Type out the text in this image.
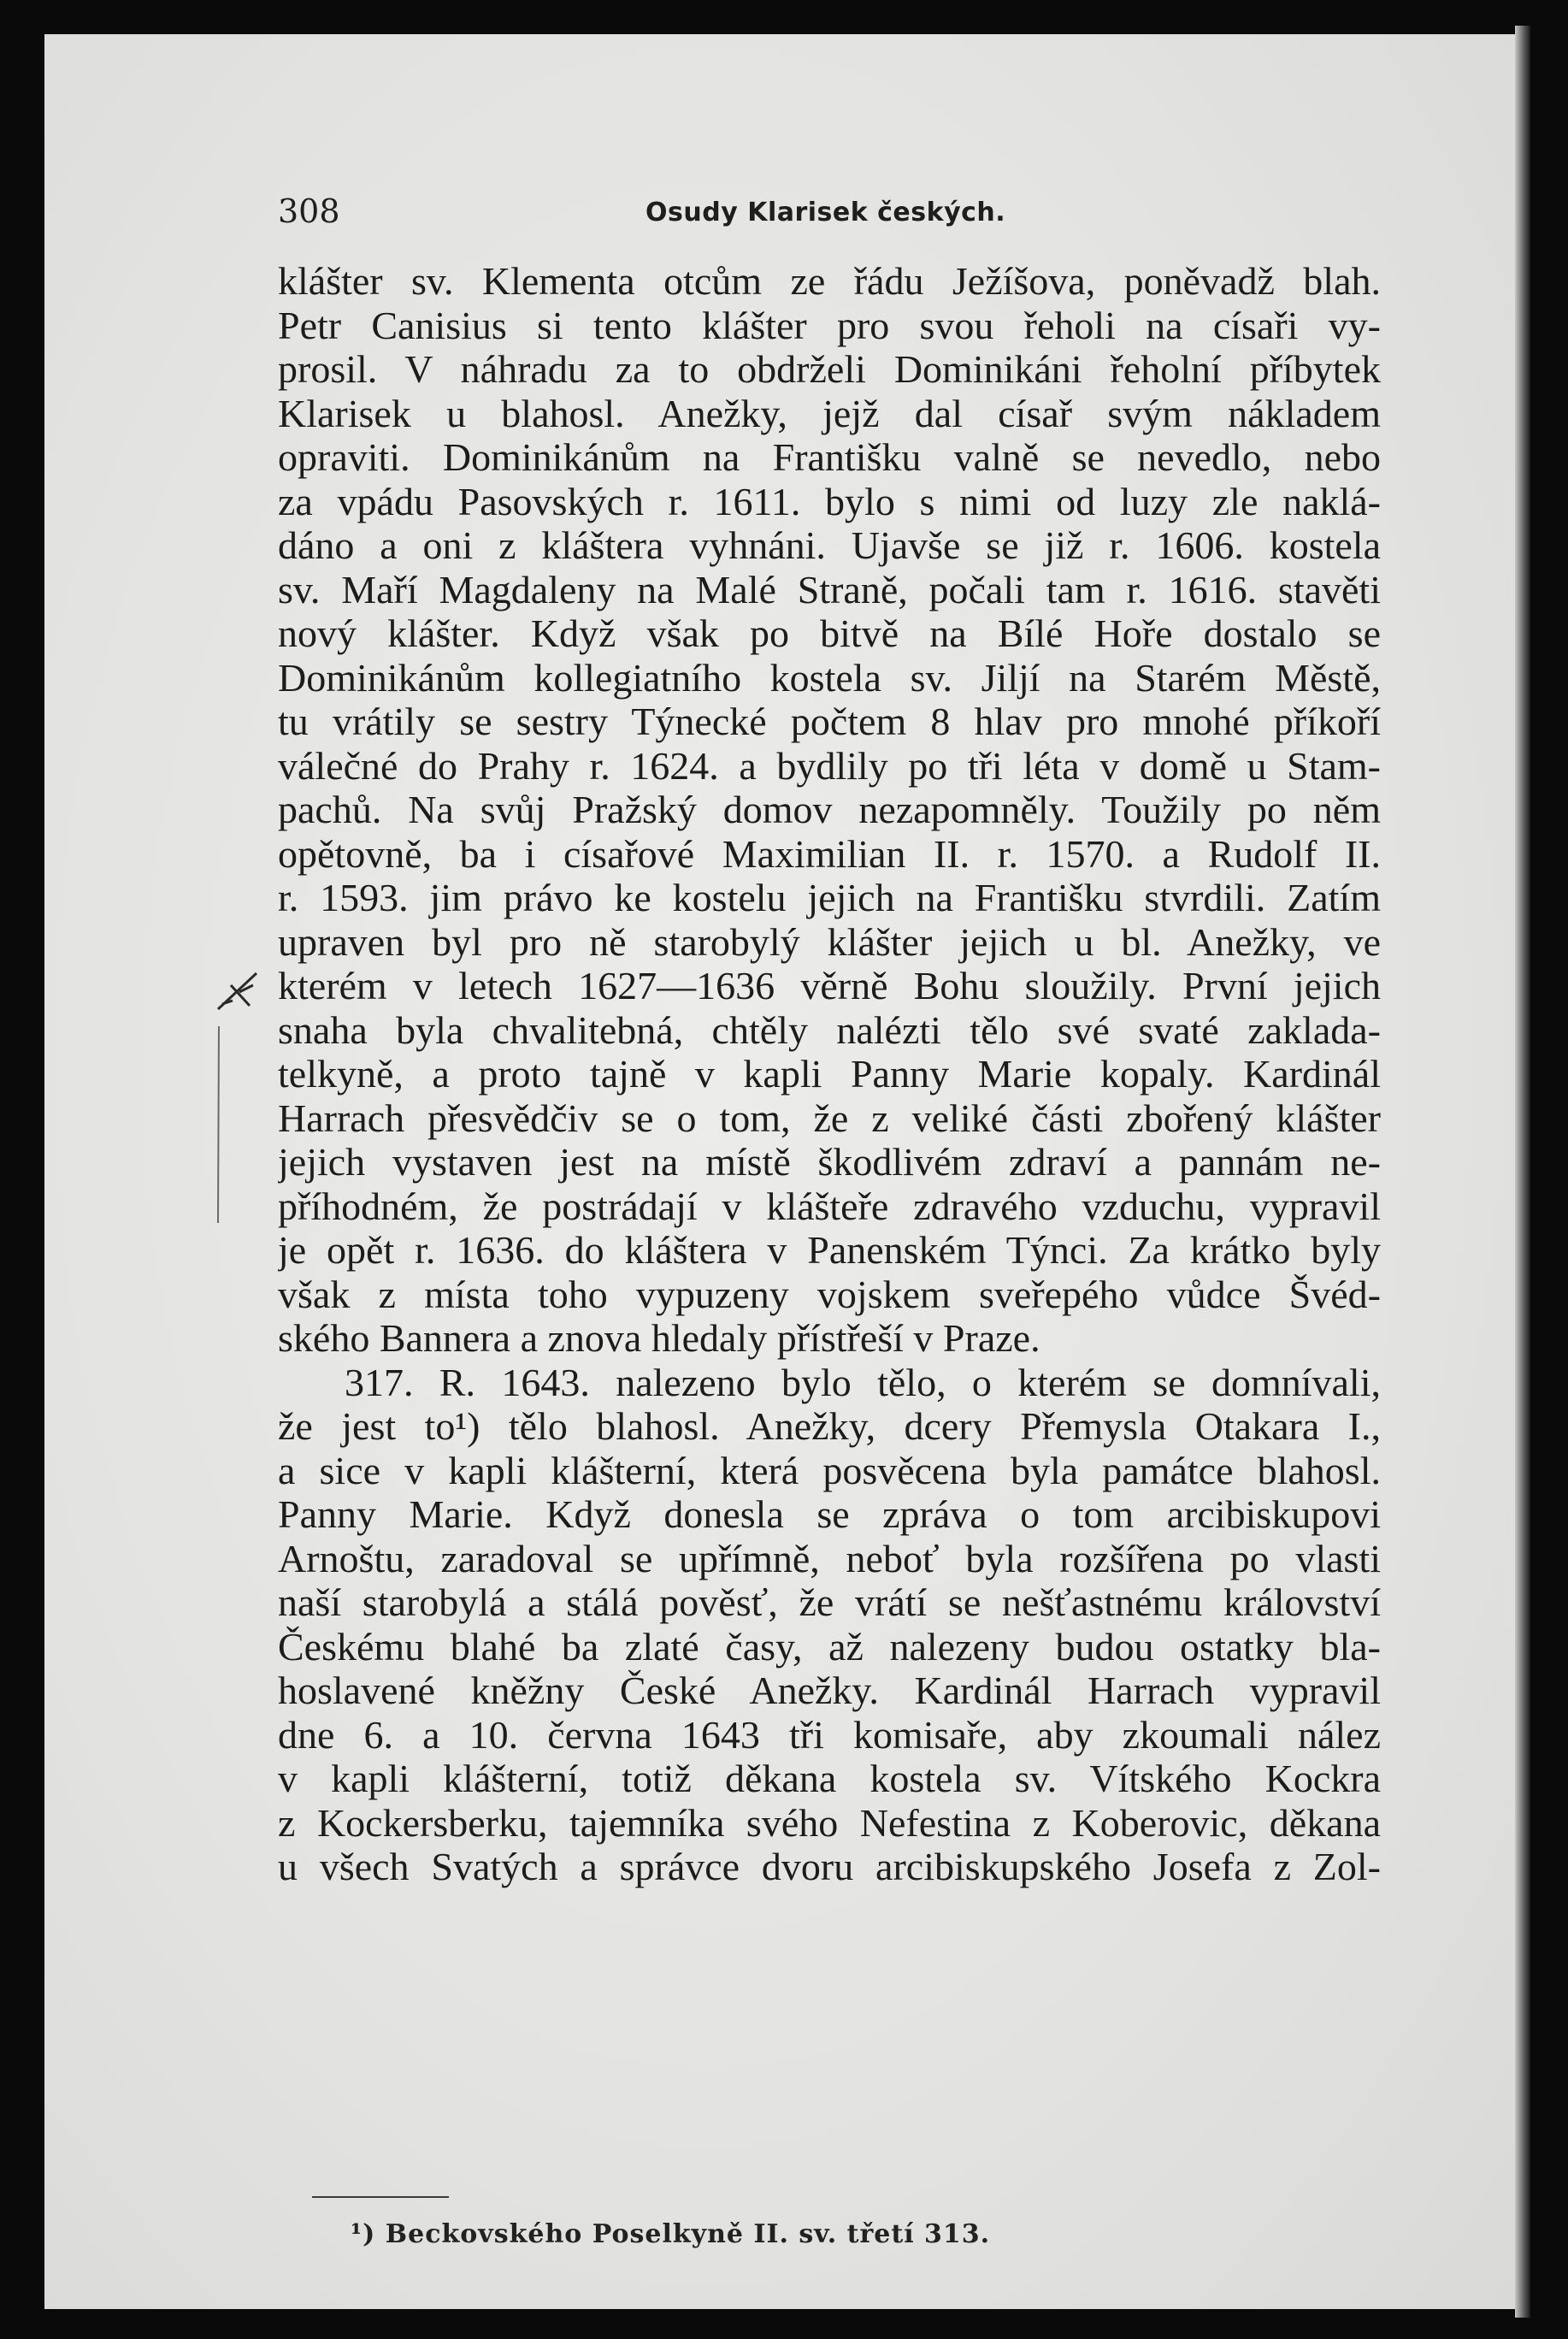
308	Osudy Klarisek českých.
klášter sv. Klementa otcům ze řádu Ježíšova, poněvadž blah.
Petr Canisius si tento klášter pro svou řeholi na císaři vy-
prosil. V náhradu za to obdrželi Dominikáni řeholní příbytek
Klarisek u blahosl. Anežky, jejž dal císař svým nákladem
opraviti. Dominikánům na Františku valně se nevedlo, nebo
za vpádu Pasovských r. 1611. bylo s nimi od luzy zle naklá-
dáno a oni z kláštera vyhnáni. Ujavše se již r. 1606. kostela
sv. Maří Magdaleny na Malé Straně, počali tam r. 1616. stavěti
nový klášter. Když však po bitvě na Bílé Hoře dostalo se
Dominikánům kollegiatního kostela sv. Jiljí na Starém Městě,
tu vrátily se sestry Týnecké počtem 8 hlav pro mnohé příkoří
válečné do Prahy r. 1624. a bydlily po tři léta v domě u Stam-
pachů. Na svůj Pražský domov nezapomněly. Toužily po něm
opětovně, ba i císařové Maximilian II. r. 1570. a Rudolf II.
r. 1593. jim právo ke kostelu jejich na Františku stvrdili. Zatím
upraven byl pro ně starobylý klášter jejich u bl. Anežky, ve
kterém v letech 1627—1636 věrně Bohu sloužily. První jejich
snaha byla chvalitebná, chtěly nalézti tělo své svaté zaklada-
telkyně, a proto tajně v kapli Panny Marie kopaly. Kardinál
Harrach přesvědčiv se o tom, že z veliké části zbořený klášter
jejich vystaven jest na místě škodlivém zdraví a pannám ne-
příhodném, že postrádají v klášteře zdravého vzduchu, vypravil
je opět r. 1636. do kláštera v Panenském Týnci. Za krátko byly
však z místa toho vypuzeny vojskem sveřepého vůdce Švéd-
ského Bannera a znova hledaly přístřeší v Praze.
317. R. 1643. nalezeno bylo tělo, o kterém se domnívali,
že jest to¹) tělo blahosl. Anežky, dcery Přemysla Otakara I.,
a sice v kapli klášterní, která posvěcena byla památce blahosl.
Panny Marie. Když donesla se zpráva o tom arcibiskupovi
Arnoštu, zaradoval se upřímně, neboť byla rozšířena po vlasti
naší starobylá a stálá pověsť, že vrátí se nešťastnému království
Českému blahé ba zlaté časy, až nalezeny budou ostatky bla-
hoslavené kněžny České Anežky. Kardinál Harrach vypravil
dne 6. a 10. června 1643 tři komisaře, aby zkoumali nález
v kapli klášterní, totiž děkana kostela sv. Vítského Kockra
z Kockersberku, tajemníka svého Nefestina z Koberovic, děkana
u všech Svatých a správce dvoru arcibiskupského Josefa z Zol-
¹) Beckovského Poselkyně II. sv. třetí 313.
